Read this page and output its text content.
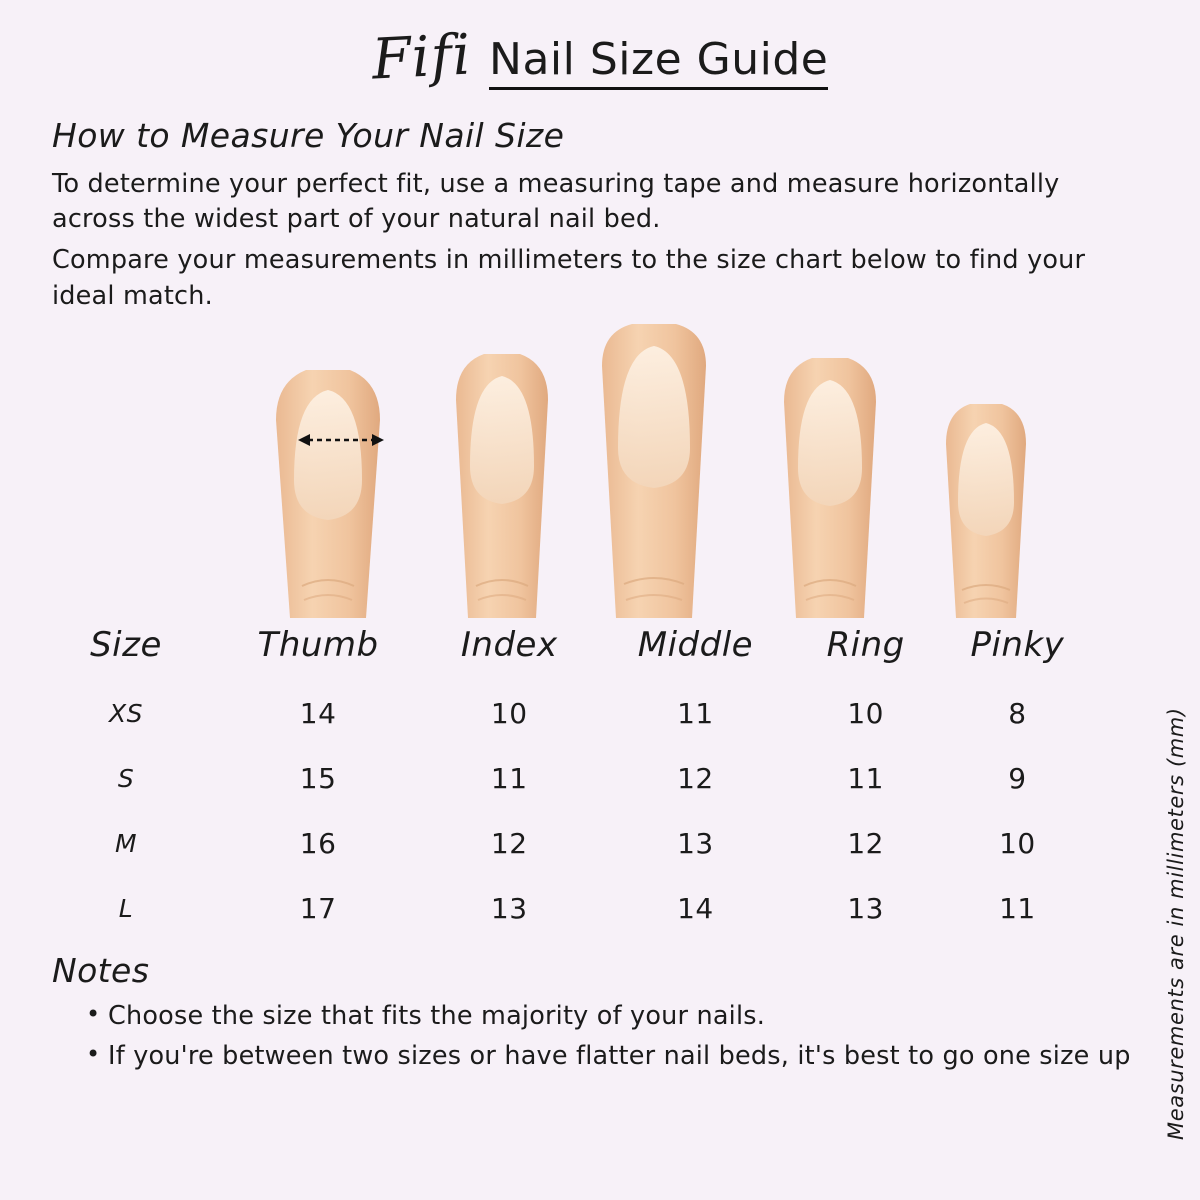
Fifi Nail Size Guide
How to Measure Your Nail Size

To determine your perfect fit, use a measuring tape and measure horizontally across the widest part of your natural nail bed.

Compare your measurements in millimeters to the size chart below to find your ideal match.

Size	Thumb	Index	Middle	Ring	Pinky
XS	14	10	11	10	8
S	15	11	12	11	9
M	16	12	13	12	10
L	17	13	14	13	11	Measurements are in millimeters (mm)
Notes
• Choose the size that fits the majority of your nails.
• If you're between two sizes or have flatter nail beds, it's best to go one size up
